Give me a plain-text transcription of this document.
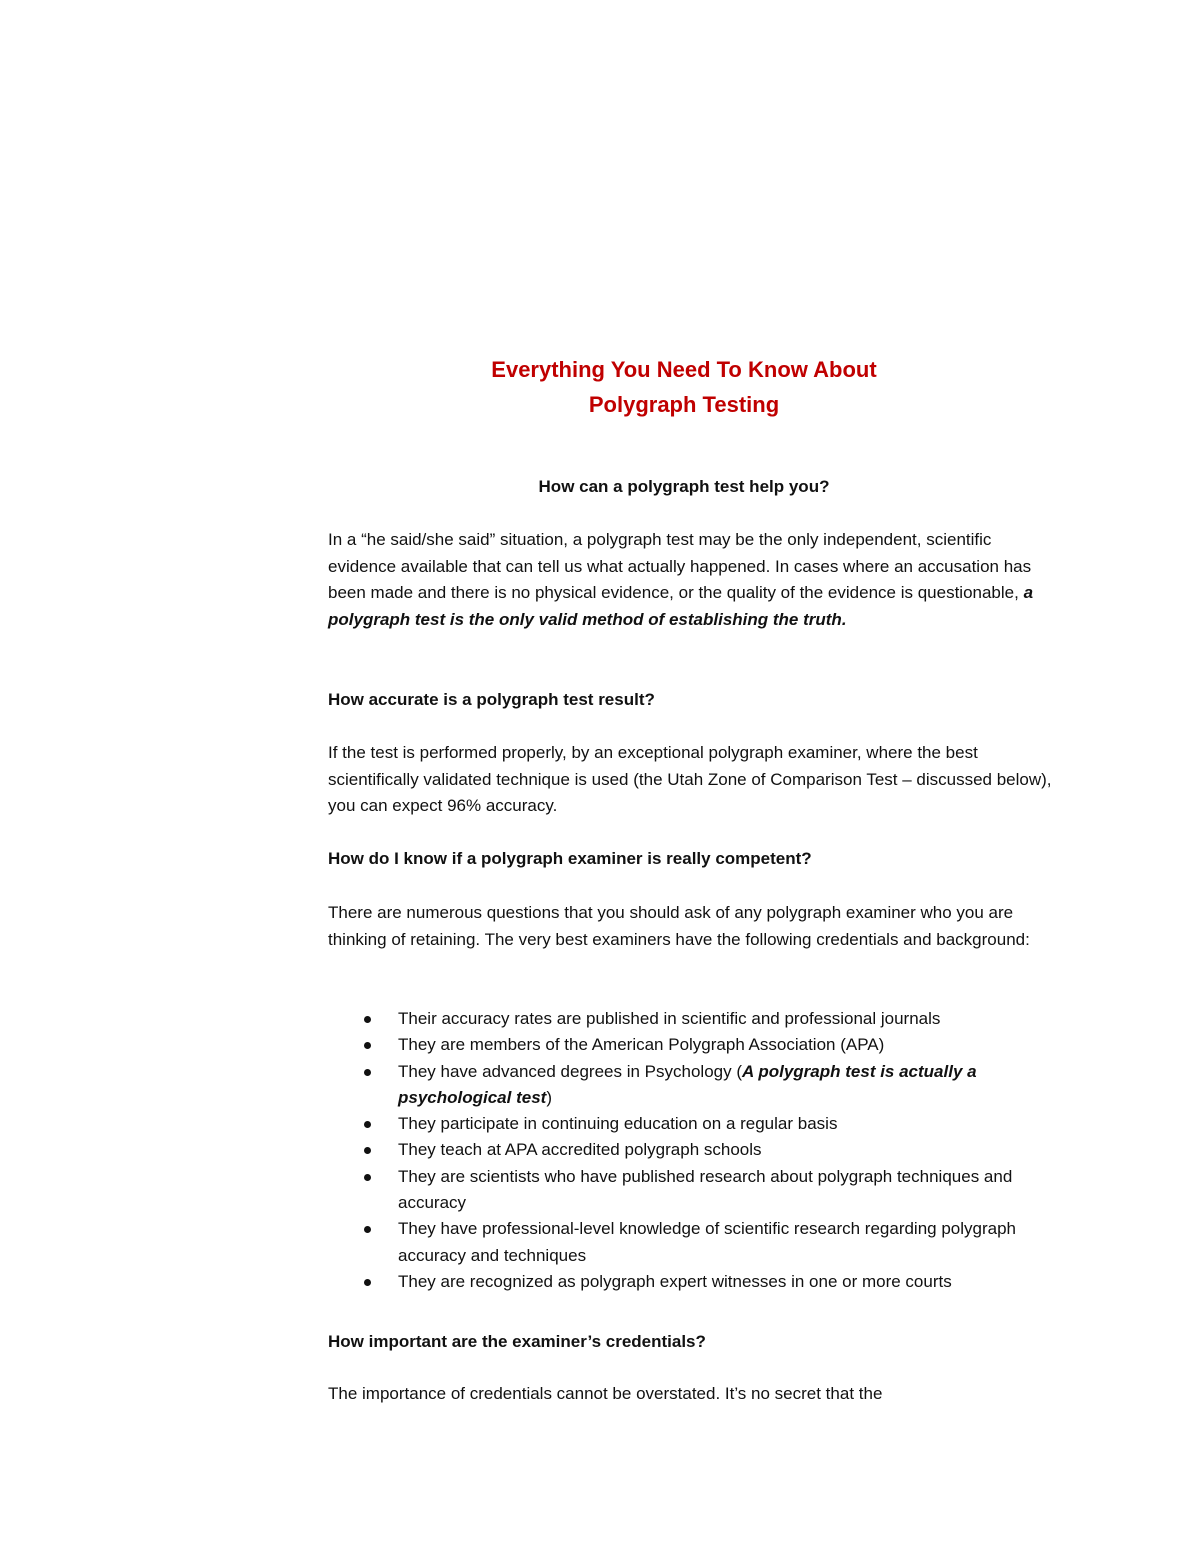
Everything You Need To Know About
Polygraph Testing
How can a polygraph test help you?
In a “he said/she said” situation, a polygraph test may be the only independent, scientific evidence available that can tell us what actually happened. In cases where an accusation has been made and there is no physical evidence, or the quality of the evidence is questionable, a polygraph test is the only valid method of establishing the truth.
How accurate is a polygraph test result?
If the test is performed properly, by an exceptional polygraph examiner, where the best scientifically validated technique is used (the Utah Zone of Comparison Test – discussed below), you can expect 96% accuracy.
How do I know if a polygraph examiner is really competent?
There are numerous questions that you should ask of any polygraph examiner who you are thinking of retaining. The very best examiners have the following credentials and background:
Their accuracy rates are published in scientific and professional journals
They are members of the American Polygraph Association (APA)
They have advanced degrees in Psychology (A polygraph test is actually a psychological test)
They participate in continuing education on a regular basis
They teach at APA accredited polygraph schools
They are scientists who have published research about polygraph techniques and accuracy
They have professional-level knowledge of scientific research regarding polygraph accuracy and techniques
They are recognized as polygraph expert witnesses in one or more courts
How important are the examiner’s credentials?
The importance of credentials cannot be overstated. It’s no secret that the
